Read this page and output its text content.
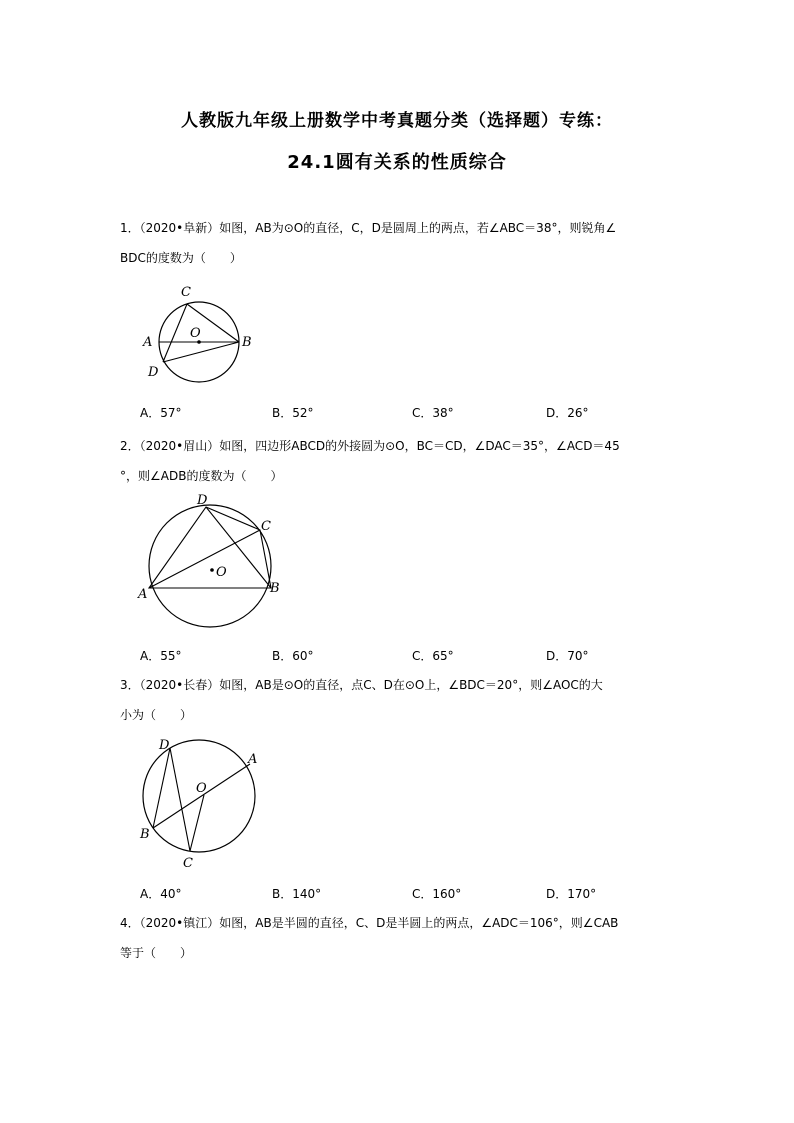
人教版九年级上册数学中考真题分类（选择题）专练：
24.1圆有关系的性质综合
1．（2020•阜新）如图，AB为⊙O的直径，C，D是圆周上的两点，若∠ABC＝38°，则锐角∠
BDC的度数为（　　）
A	B
C
D
O
A．57°	B．52°	C．38°	D．26°
2．（2020•眉山）如图，四边形ABCD的外接圆为⊙O，BC＝CD，∠DAC＝35°，∠ACD＝45
°，则∠ADB的度数为（　　）
A	B
C
D
O
A．55°	B．60°	C．65°	D．70°
3．（2020•长春）如图，AB是⊙O的直径，点C、D在⊙O上，∠BDC＝20°，则∠AOC的大
小为（　　）
A
B
C
D
O
A．40°	B．140°	C．160°	D．170°
4．（2020•镇江）如图，AB是半圆的直径，C、D是半圆上的两点，∠ADC＝106°，则∠CAB
等于（　　）
